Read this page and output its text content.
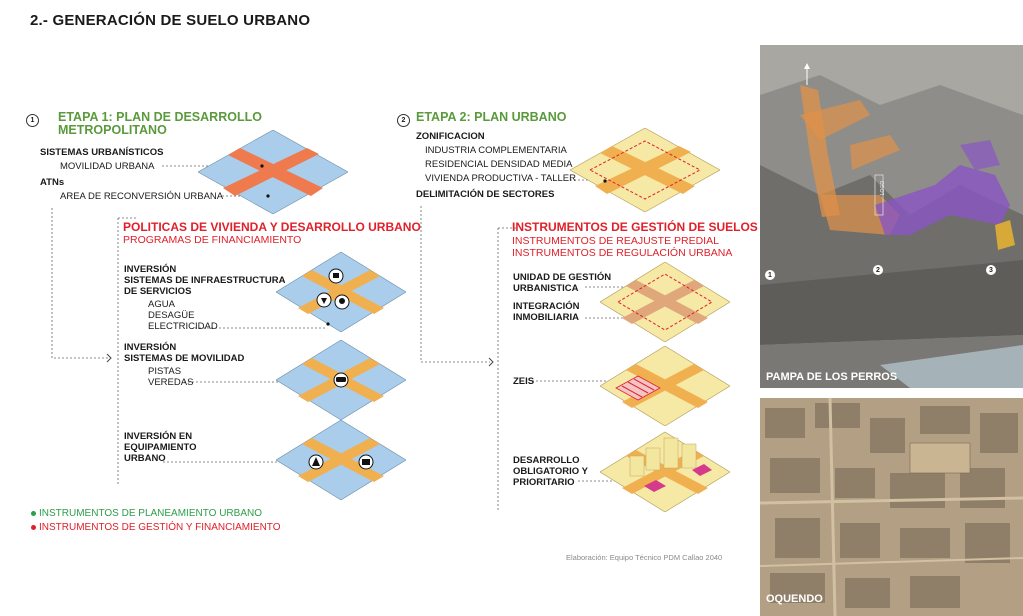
2.- GENERACIÓN DE SUELO URBANO
1	ETAPA 1: PLAN DE DESARROLLO
METROPOLITANO
SISTEMAS URBANÍSTICOS
MOVILIDAD URBANA
ATNs
AREA DE RECONVERSIÓN URBANA
2 ETAPA 2: PLAN URBANO
ZONIFICACION
INDUSTRIA COMPLEMENTARIA
RESIDENCIAL DENSIDAD MEDIA
VIVIENDA PRODUCTIVA - TALLER
DELIMITACIÓN DE SECTORES
POLITICAS DE VIVIENDA Y DESARROLLO URBANO
PROGRAMAS DE FINANCIAMIENTO
INVERSIÓN
SISTEMAS DE INFRAESTRUCTURA
DE SERVICIOS
AGUA
DESAGÜE
ELECTRICIDAD
INVERSIÓN
SISTEMAS DE MOVILIDAD
PISTAS
VEREDAS
INVERSIÓN EN
EQUIPAMIENTO
URBANO
INSTRUMENTOS DE GESTIÓN DE SUELOS
INSTRUMENTOS DE REAJUSTE PREDIAL
INSTRUMENTOS DE REGULACIÓN URBANA
UNIDAD DE GESTIÓN
URBANISTICA
INTEGRACIÓN
INMOBILIARIA
ZEIS
DESARROLLO
OBLIGATORIO Y
PRIORITARIO
INSTRUMENTOS DE PLANEAMIENTO URBANO
INSTRUMENTOS DE GESTIÓN Y FINANCIAMIENTO
Elaboración: Equipo Técnico PDM Callao 2040
1
2	3
LOGO
PAMPA DE LOS PERROS
OQUENDO
